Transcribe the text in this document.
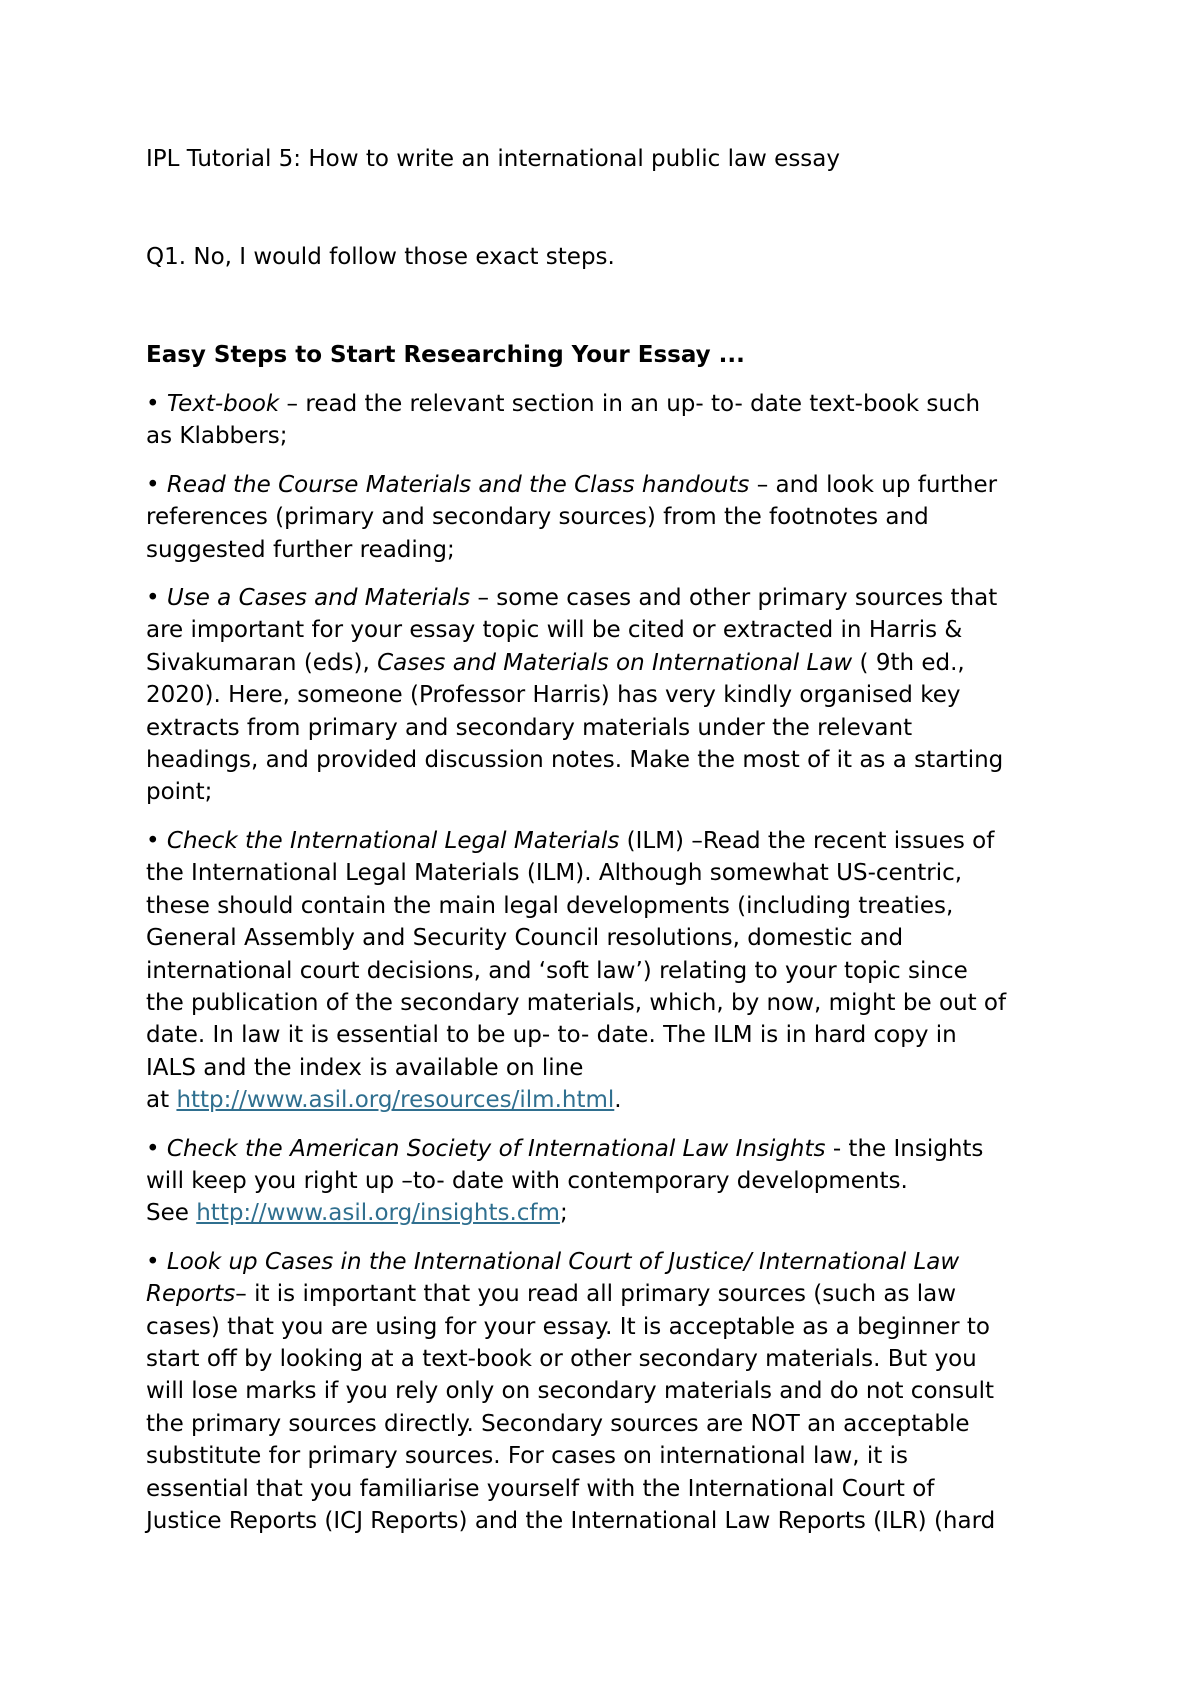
IPL Tutorial 5: How to write an international public law essay
Q1. No, I would follow those exact steps.
Easy Steps to Start Researching Your Essay ...

• Text-book – read the relevant section in an up- to- date text-book such
as Klabbers;

• Read the Course Materials and the Class handouts – and look up further
references (primary and secondary sources) from the footnotes and
suggested further reading;

• Use a Cases and Materials – some cases and other primary sources that
are important for your essay topic will be cited or extracted in Harris &
Sivakumaran (eds), Cases and Materials on International Law ( 9th ed.,
2020). Here, someone (Professor Harris) has very kindly organised key
extracts from primary and secondary materials under the relevant
headings, and provided discussion notes. Make the most of it as a starting
point;

• Check the International Legal Materials (ILM) –Read the recent issues of
the International Legal Materials (ILM). Although somewhat US-centric,
these should contain the main legal developments (including treaties,
General Assembly and Security Council resolutions, domestic and
international court decisions, and ‘soft law’) relating to your topic since
the publication of the secondary materials, which, by now, might be out of
date. In law it is essential to be up- to- date. The ILM is in hard copy in
IALS and the index is available on line
at http://www.asil.org/resources/ilm.html.

• Check the American Society of International Law Insights - the Insights
will keep you right up –to- date with contemporary developments.
See http://www.asil.org/insights.cfm;

• Look up Cases in the International Court of Justice/ International Law
Reports– it is important that you read all primary sources (such as law
cases) that you are using for your essay. It is acceptable as a beginner to
start off by looking at a text-book or other secondary materials. But you
will lose marks if you rely only on secondary materials and do not consult
the primary sources directly. Secondary sources are NOT an acceptable
substitute for primary sources. For cases on international law, it is
essential that you familiarise yourself with the International Court of
Justice Reports (ICJ Reports) and the International Law Reports (ILR) (hard
